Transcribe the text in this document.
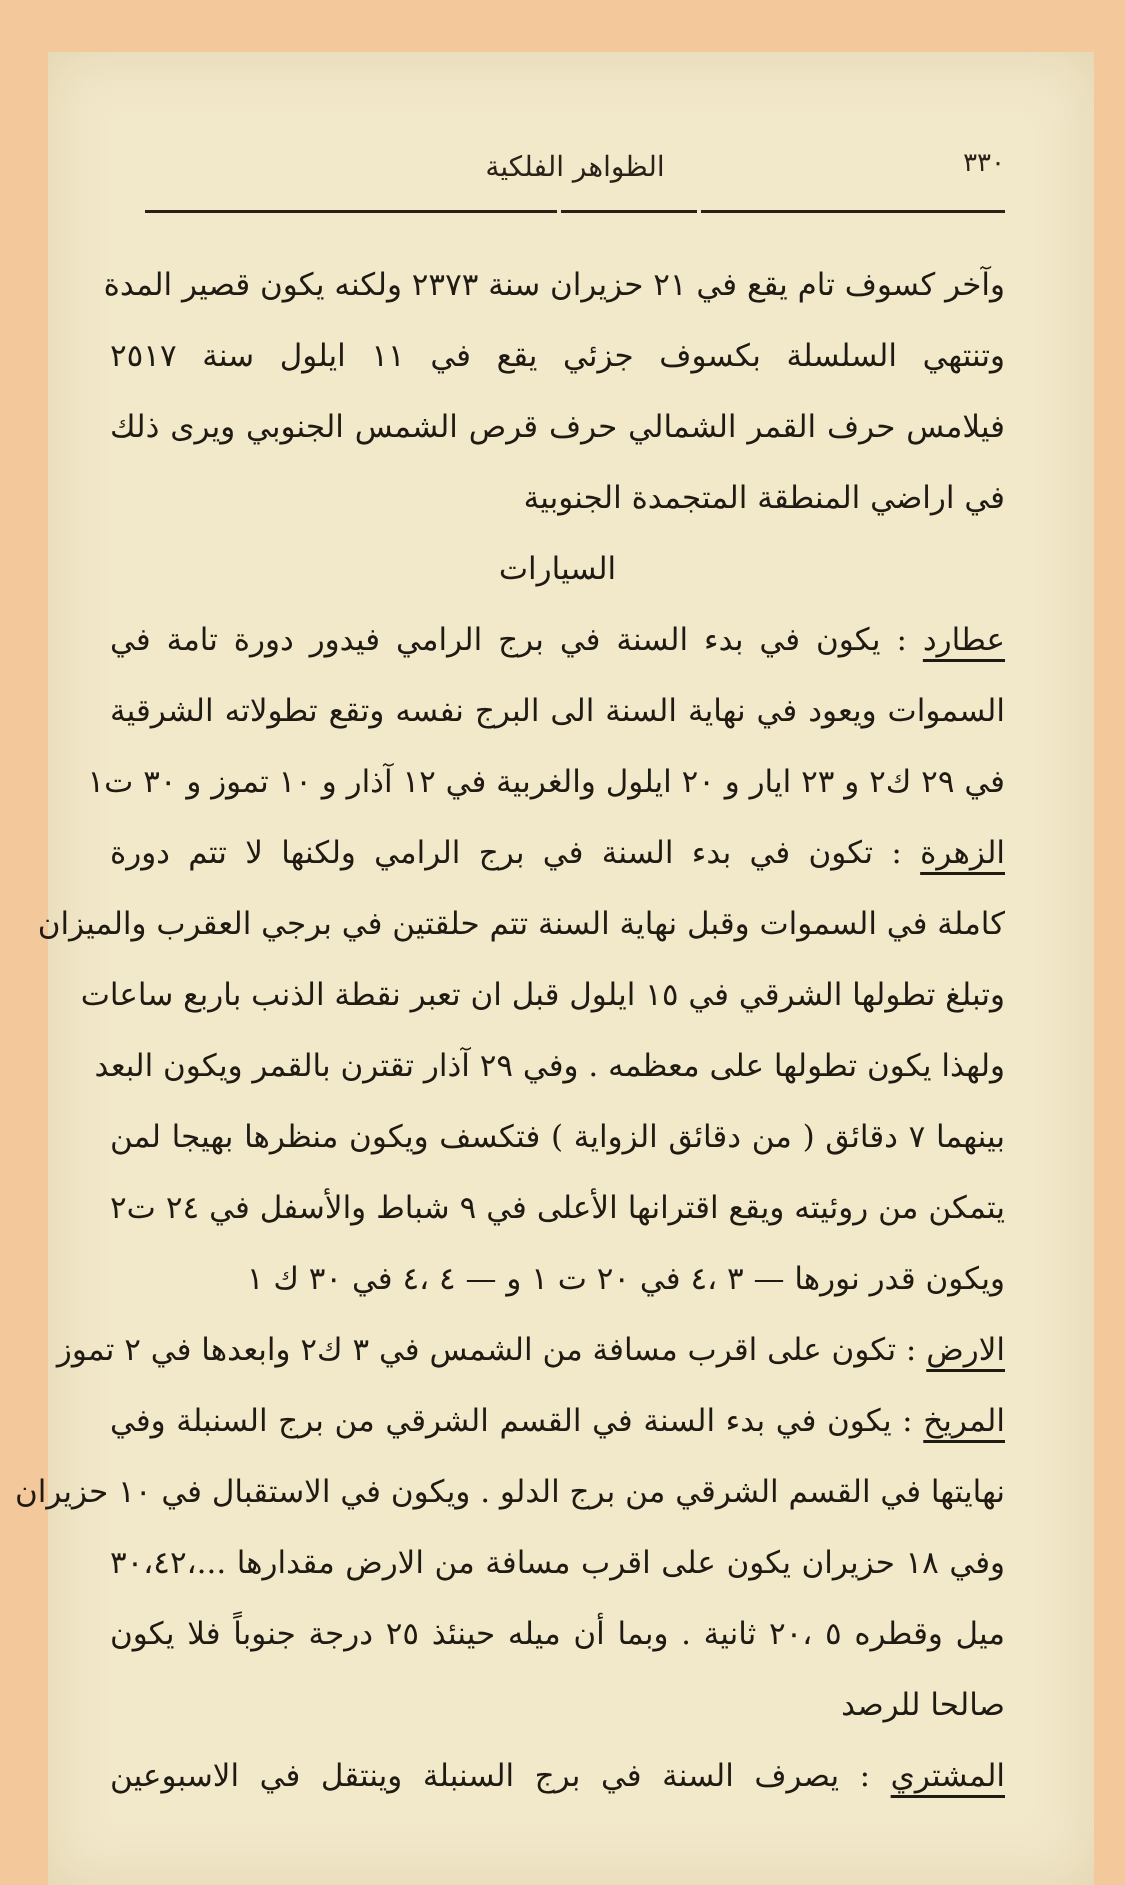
٣٣٠
الظواهر الفلكية
وآخر كسوف تام يقع في ٢١ حزيران سنة ٢٣٧٣ ولكنه يكون قصير المدة
وتنتهي السلسلة بكسوف جزئي يقع في ١١ ايلول سنة ٢٥١٧
فيلامس حرف القمر الشمالي حرف قرص الشمس الجنوبي ويرى ذلك
في اراضي المنطقة المتجمدة الجنوبية
السيارات
عطارد : يكون في بدء السنة في برج الرامي فيدور دورة تامة في
السموات ويعود في نهاية السنة الى البرج نفسه وتقع تطولاته الشرقية
في ٢٩ ك٢ و ٢٣ ايار و ٢٠ ايلول والغربية في ١٢ آذار و ١٠ تموز و ٣٠ ت١
الزهرة : تكون في بدء السنة في برج الرامي ولكنها لا تتم دورة
كاملة في السموات وقبل نهاية السنة تتم حلقتين في برجي العقرب والميزان
وتبلغ تطولها الشرقي في ١٥ ايلول قبل ان تعبر نقطة الذنب باربع ساعات
ولهذا يكون تطولها على معظمه . وفي ٢٩ آذار تقترن بالقمر ويكون البعد
بينهما ٧ دقائق ( من دقائق الزواية ) فتكسف ويكون منظرها بهيجا لمن
يتمكن من روئيته ويقع اقترانها الأعلى في ٩ شباط والأسفل في ٢٤ ت٢
ويكون قدر نورها — ٣ ،٤ في ٢٠ ت ١ و — ٤ ،٤ في ٣٠ ك ١
الارض : تكون على اقرب مسافة من الشمس في ٣ ك٢ وابعدها في ٢ تموز
المريخ : يكون في بدء السنة في القسم الشرقي من برج السنبلة وفي
نهايتها في القسم الشرقي من برج الدلو . ويكون في الاستقبال في ١٠ حزيران
وفي ١٨ حزيران يكون على اقرب مسافة من الارض مقدارها ...،٣٠،٤٢
ميل وقطره ٥ ،٢٠ ثانية . وبما أن ميله حينئذ ٢٥ درجة جنوباً فلا يكون
صالحا للرصد
المشتري : يصرف السنة في برج السنبلة وينتقل في الاسبوعين
